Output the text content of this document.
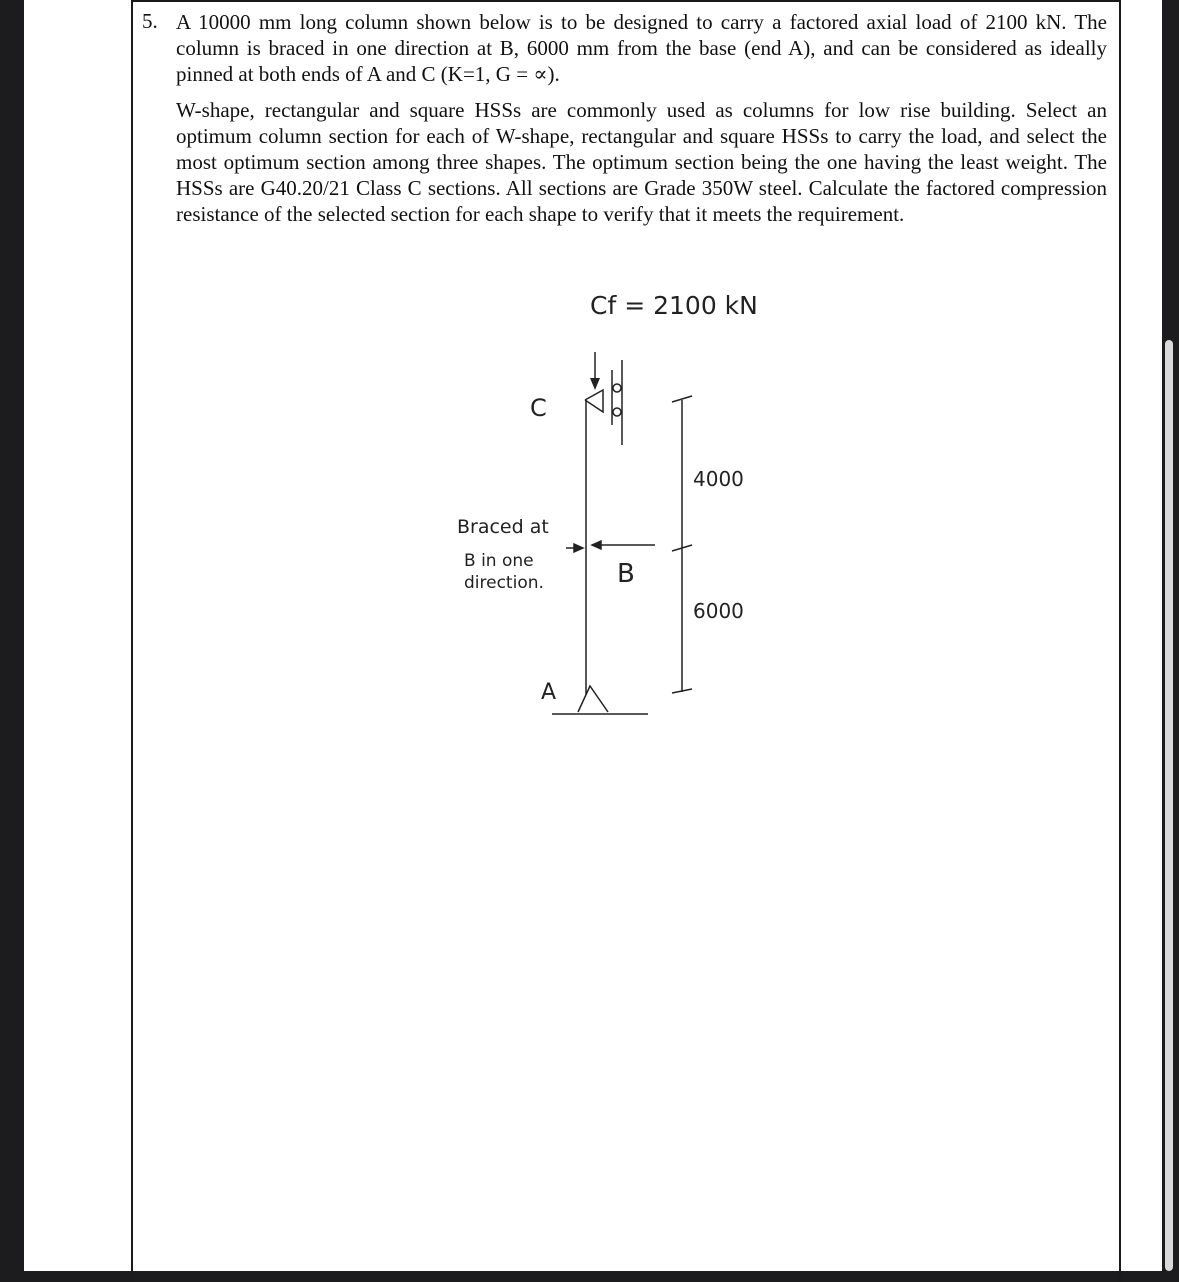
5. A 10000 mm long column shown below is to be designed to carry a factored axial load of 2100 kN. The column is braced in one direction at B, 6000 mm from the base (end A), and can be considered as ideally pinned at both ends of A and C (K=1, G = ∝).

W-shape, rectangular and square HSSs are commonly used as columns for low rise building. Select an optimum column section for each of W-shape, rectangular and square HSSs to carry the load, and select the most optimum section among three shapes. The optimum section being the one having the least weight. The HSSs are G40.20/21 Class C sections. All sections are Grade 350W steel. Calculate the factored compression resistance of the selected section for each shape to verify that it meets the requirement.

Cf = 2100 kN
C
B
A
Braced at
B in one
direction.
4000
6000
